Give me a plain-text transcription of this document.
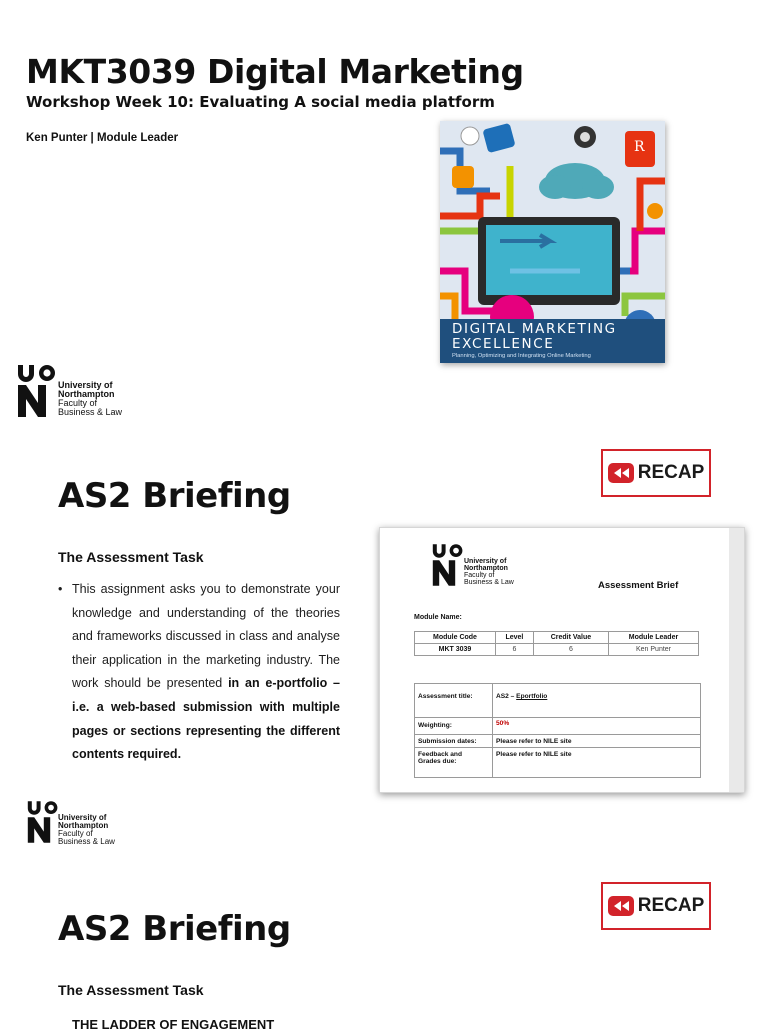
MKT3039 Digital Marketing
Workshop Week 10: Evaluating A social media platform
Ken Punter | Module Leader
R
DIGITAL MARKETING
EXCELLENCE
Planning, Optimizing and Integrating Online Marketing
University of
Northampton
Faculty of
Business & Law
AS2 Briefing
RECAP
The Assessment Task
• This assignment asks you to demonstrate your knowledge and understanding of the theories and frameworks discussed in class and analyse their application in the marketing industry. The work should be presented in an e-portfolio – i.e. a web-based submission with multiple pages or sections representing the different contents required.

University of
Northampton
Faculty of
Business & Law	Assessment Brief
Module Name:
Module Code	Level	Credit Value	Module Leader
MKT 3039	6	6	Ken Punter
Assessment title:	AS2 – Eportfolio
Weighting:	50%
Submission dates:	Please refer to NILE site
Feedback and
Grades due:	Please refer to NILE site
University of
Northampton
Faculty of
Business & Law
AS2 Briefing
RECAP
The Assessment Task
THE LADDER OF ENGAGEMENT
